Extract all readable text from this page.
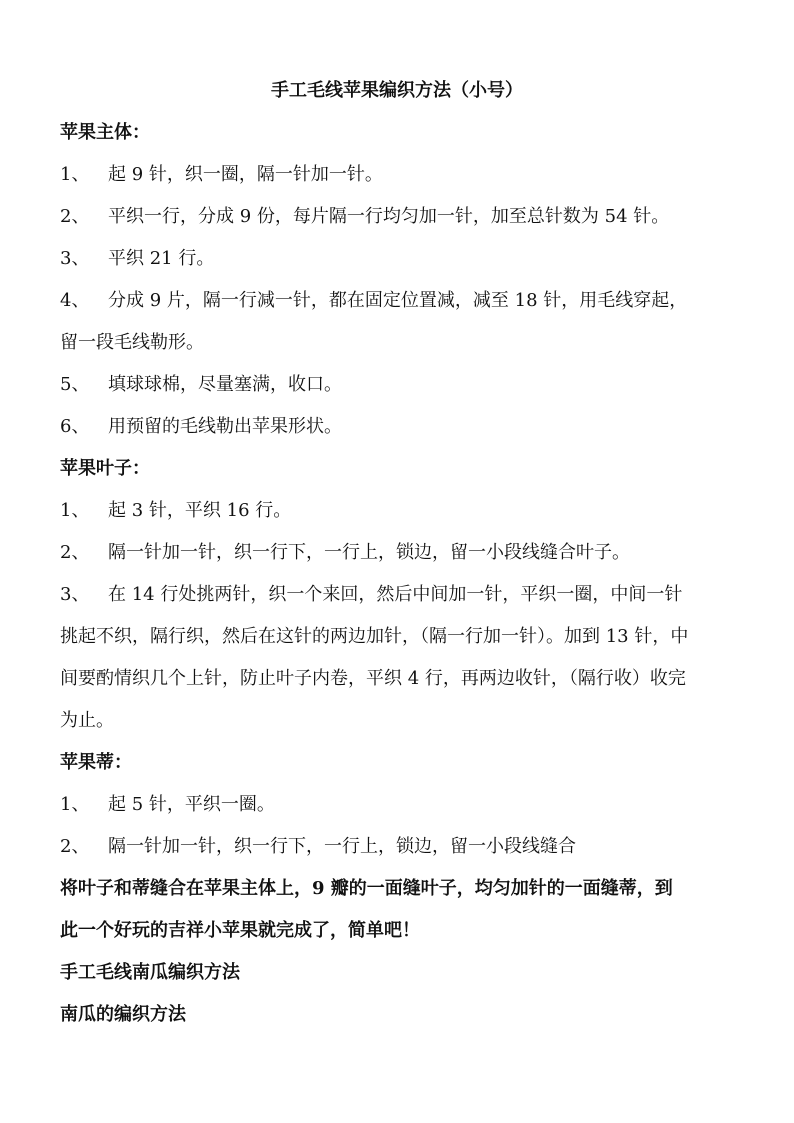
手工毛线苹果编织方法（小号）
苹果主体：
1、 起 9 针，织一圈，隔一针加一针。
2、 平织一行，分成 9 份，每片隔一行均匀加一针，加至总针数为 54 针。
3、 平织 21 行。
4、 分成 9 片，隔一行减一针，都在固定位置减，减至 18 针，用毛线穿起，
留一段毛线勒形。
5、 填球球棉，尽量塞满，收口。
6、 用预留的毛线勒出苹果形状。
苹果叶子：
1、 起 3 针，平织 16 行。
2、 隔一针加一针，织一行下，一行上，锁边，留一小段线缝合叶子。
3、 在 14 行处挑两针，织一个来回，然后中间加一针，平织一圈，中间一针
挑起不织，隔行织，然后在这针的两边加针，（隔一行加一针）。加到 13 针，中
间要酌情织几个上针，防止叶子内卷，平织 4 行，再两边收针，（隔行收）收完
为止。
苹果蒂：
1、 起 5 针，平织一圈。
2、 隔一针加一针，织一行下，一行上，锁边，留一小段线缝合
将叶子和蒂缝合在苹果主体上，9 瓣的一面缝叶子，均匀加针的一面缝蒂，到
此一个好玩的吉祥小苹果就完成了，简单吧！
手工毛线南瓜编织方法
南瓜的编织方法
